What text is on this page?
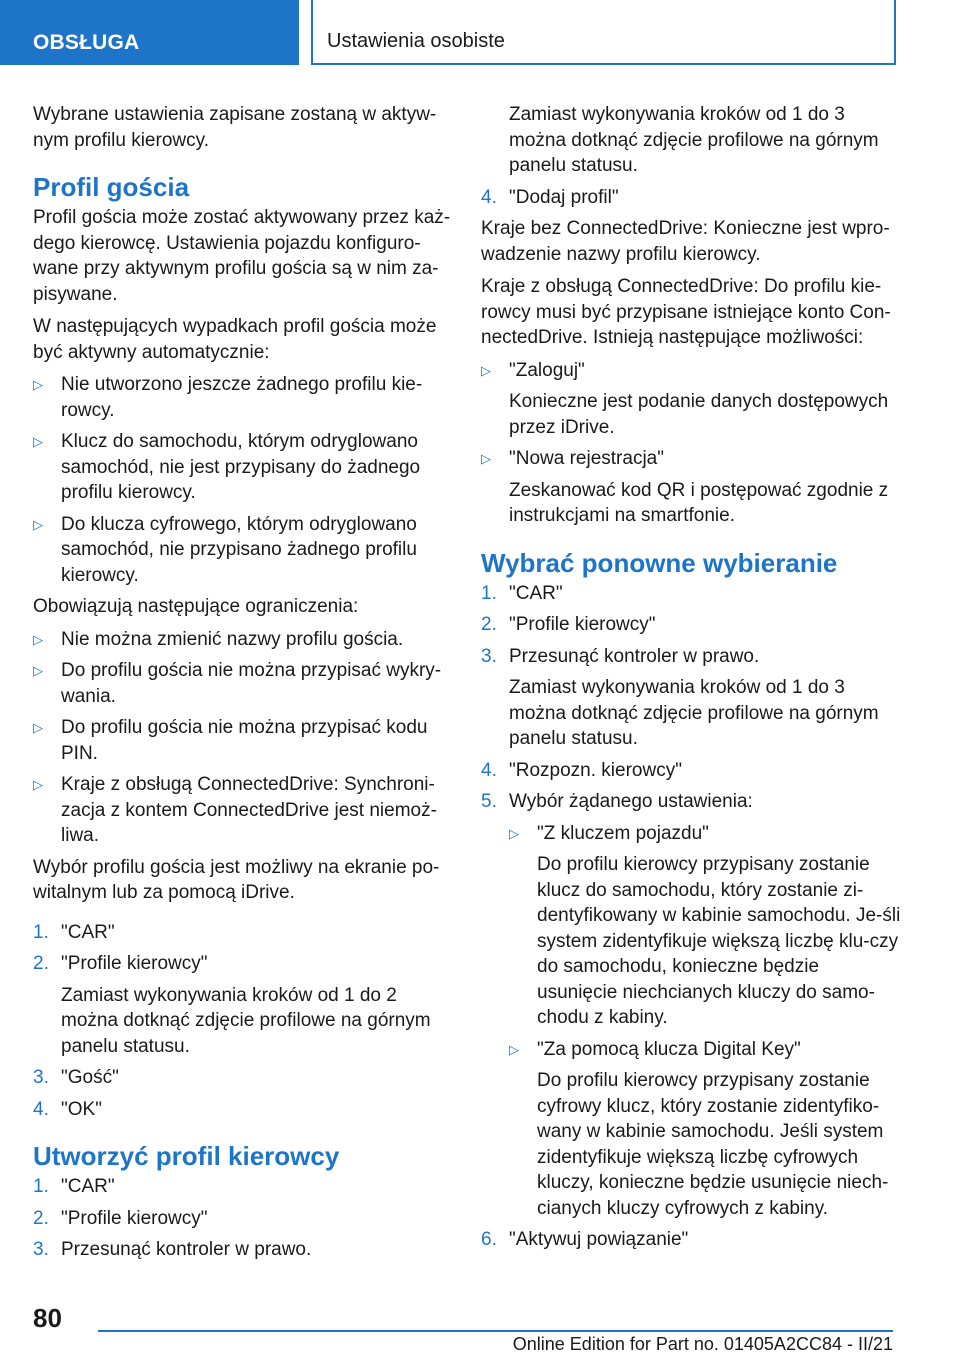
OBSŁUGA	Ustawienia osobiste

Wybrane ustawienia zapisane zostaną w aktyw-nym profilu kierowcy.

Profil gościa

Profil gościa może zostać aktywowany przez każ-dego kierowcę. Ustawienia pojazdu konfiguro-wane przy aktywnym profilu gościa są w nim za-pisywane.

W następujących wypadkach profil gościa może być aktywny automatycznie:

▷ Nie utworzono jeszcze żadnego profilu kie-rowcy.
▷ Klucz do samochodu, którym odryglowano samochód, nie jest przypisany do żadnego profilu kierowcy.
▷ Do klucza cyfrowego, którym odryglowano samochód, nie przypisano żadnego profilu kierowcy.

Obowiązują następujące ograniczenia:

▷ Nie można zmienić nazwy profilu gościa.
▷ Do profilu gościa nie można przypisać wykry-wania.
▷ Do profilu gościa nie można przypisać kodu PIN.
▷ Kraje z obsługą ConnectedDrive: Synchroni-zacja z kontem ConnectedDrive jest niemoż-liwa.

Wybór profilu gościa jest możliwy na ekranie po-witalnym lub za pomocą iDrive.

1. "CAR"
2. "Profile kierowcy"

Zamiast wykonywania kroków od 1 do 2 można dotknąć zdjęcie profilowe na górnym panelu statusu.

3. "Gość"
4. "OK"
Utworzyć profil kierowcy
1. "CAR"
2. "Profile kierowcy"
3. Przesunąć kontroler w prawo.

Zamiast wykonywania kroków od 1 do 3 można dotknąć zdjęcie profilowe na górnym panelu statusu.

4. "Dodaj profil"

Kraje bez ConnectedDrive: Konieczne jest wpro-wadzenie nazwy profilu kierowcy.

Kraje z obsługą ConnectedDrive: Do profilu kie-rowcy musi być przypisane istniejące konto Con-nectedDrive. Istnieją następujące możliwości:

▷ "Zaloguj"

Konieczne jest podanie danych dostępowych przez iDrive.

▷ "Nowa rejestracja"

Zeskanować kod QR i postępować zgodnie z instrukcjami na smartfonie.

Wybrać ponowne wybieranie
1. "CAR"
2. "Profile kierowcy"
3. Przesunąć kontroler w prawo.

Zamiast wykonywania kroków od 1 do 3 można dotknąć zdjęcie profilowe na górnym panelu statusu.

4. "Rozpozn. kierowcy"
5. Wybór żądanego ustawienia:
▷ "Z kluczem pojazdu"

Do profilu kierowcy przypisany zostanie klucz do samochodu, który zostanie zi-dentyfikowany w kabinie samochodu. Je-śli system zidentyfikuje większą liczbę klu-czy do samochodu, konieczne będzie usunięcie niechcianych kluczy do samo-chodu z kabiny.

▷ "Za pomocą klucza Digital Key"

Do profilu kierowcy przypisany zostanie cyfrowy klucz, który zostanie zidentyfiko-wany w kabinie samochodu. Jeśli system zidentyfikuje większą liczbę cyfrowych kluczy, konieczne będzie usunięcie niech-cianych kluczy cyfrowych z kabiny.

6. "Aktywuj powiązanie"
80
Online Edition for Part no. 01405A2CC84 - II/21
